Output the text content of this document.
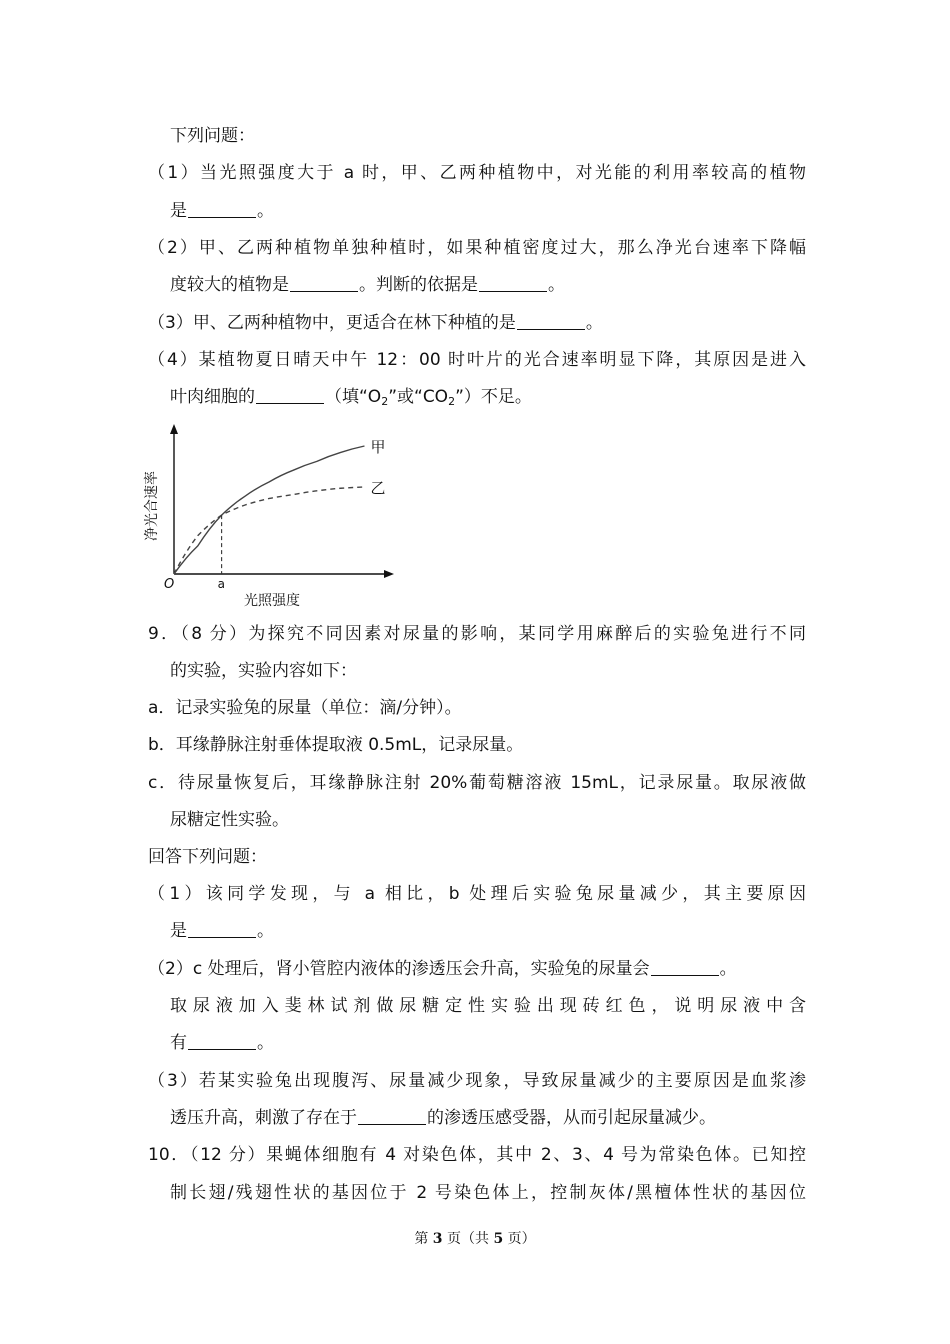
下列问题：
（1）当光照强度大于 a 时，甲、乙两种植物中，对光能的利用率较高的植物
是	。
（2）甲、乙两种植物单独种植时，如果种植密度过大，那么净光台速率下降幅
度较大的植物是	。判断的依据是	。
（3）甲、乙两种植物中，更适合在林下种植的是	。
（4）某植物夏日晴天中午 12：00 时叶片的光合速率明显下降，其原因是进入
叶肉细胞的	（填“$O_2$”或“$CO_2$”）不足。
甲
乙
O	a
光照强度
净光合速率
9．（8 分）为探究不同因素对尿量的影响，某同学用麻醉后的实验兔进行不同
的实验，实验内容如下：
a．记录实验兔的尿量（单位：滴/分钟）。
b．耳缘静脉注射垂体提取液 0.5mL，记录尿量。
c．待尿量恢复后，耳缘静脉注射 20%葡萄糖溶液 15mL，记录尿量。取尿液做
尿糖定性实验。
回答下列问题：
（1）该同学发现，与 a 相比，b 处理后实验兔尿量减少，其主要原因
是	。
（2）c 处理后，肾小管腔内液体的渗透压会升高，实验兔的尿量会	。
取尿液加入斐林试剂做尿糖定性实验出现砖红色，说明尿液中含
有	。
（3）若某实验兔出现腹泻、尿量减少现象，导致尿量减少的主要原因是血浆渗
透压升高，刺激了存在于	的渗透压感受器，从而引起尿量减少。
10．（12 分）果蝇体细胞有 4 对染色体，其中 2、3、4 号为常染色体。已知控
制长翅/残翅性状的基因位于 2 号染色体上，控制灰体/黑檀体性状的基因位
第 3 页（共 5 页）
